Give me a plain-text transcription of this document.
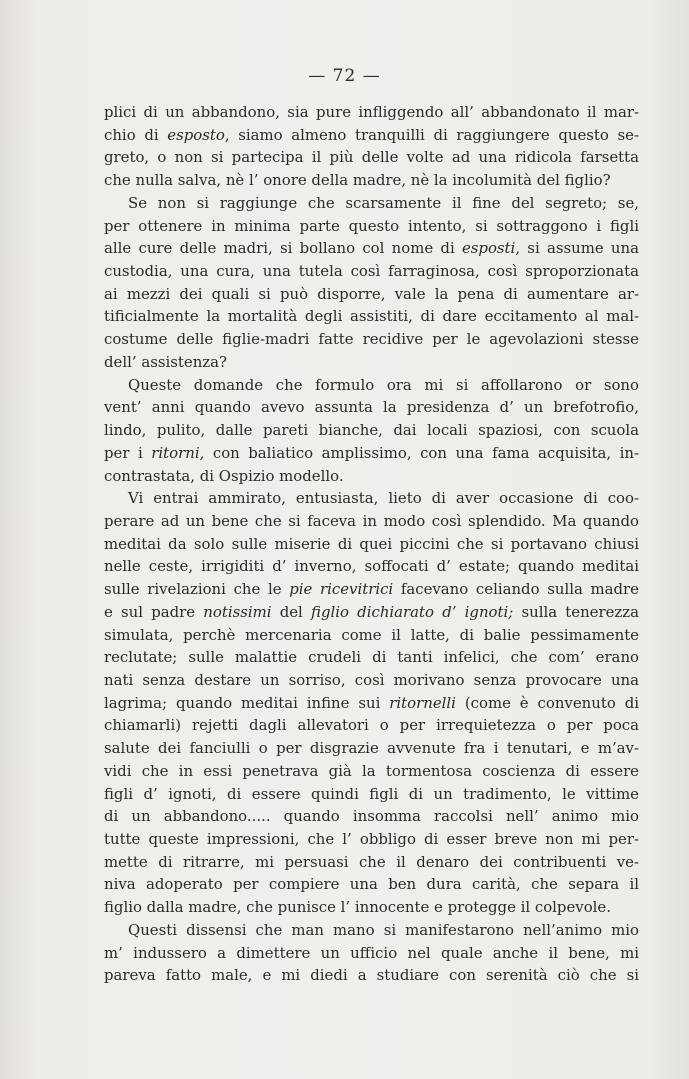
— 72 —
plici di un abbandono, sia pure infliggendo all’ abbandonato il mar-
chio di esposto, siamo almeno tranquilli di raggiungere questo se-
greto, o non si partecipa il più delle volte ad una ridicola farsetta
che nulla salva, nè l’ onore della madre, nè la incolumità del figlio?
Se non si raggiunge che scarsamente il fine del segreto; se,
per ottenere in minima parte questo intento, si sottraggono i figli
alle cure delle madri, si bollano col nome di esposti, si assume una
custodia, una cura, una tutela così farraginosa, così sproporzionata
ai mezzi dei quali si può disporre, vale la pena di aumentare ar-
tificialmente la mortalità degli assistiti, di dare eccitamento al mal-
costume delle figlie-madri fatte recidive per le agevolazioni stesse
dell’ assistenza?
Queste domande che formulo ora mi si affollarono or sono
vent’ anni quando avevo assunta la presidenza d’ un brefotrofio,
lindo, pulito, dalle pareti bianche, dai locali spaziosi, con scuola
per i ritorni, con baliatico amplissimo, con una fama acquisita, in-
contrastata, di Ospizio modello.
Vi entrai ammirato, entusiasta, lieto di aver occasione di coo-
perare ad un bene che si faceva in modo così splendido. Ma quando
meditai da solo sulle miserie di quei piccini che si portavano chiusi
nelle ceste, irrigiditi d’ inverno, soffocati d’ estate; quando meditai
sulle rivelazioni che le pie ricevitrici facevano celiando sulla madre
e sul padre notissimi del figlio dichiarato d’ ignoti; sulla tenerezza
simulata, perchè mercenaria come il latte, di balie pessimamente
reclutate; sulle malattie crudeli di tanti infelici, che com’ erano
nati senza destare un sorriso, così morivano senza provocare una
lagrima; quando meditai infine sui ritornelli (come è convenuto di
chiamarli) rejetti dagli allevatori o per irrequietezza o per poca
salute dei fanciulli o per disgrazie avvenute fra i tenutari, e m’av-
vidi che in essi penetrava già la tormentosa coscienza di essere
figli d’ ignoti, di essere quindi figli di un tradimento, le vittime
di un abbandono..... quando insomma raccolsi nell’ animo mio
tutte queste impressioni, che l’ obbligo di esser breve non mi per-
mette di ritrarre, mi persuasi che il denaro dei contribuenti ve-
niva adoperato per compiere una ben dura carità, che separa il
figlio dalla madre, che punisce l’ innocente e protegge il colpevole.
Questi dissensi che man mano si manifestarono nell’animo mio
m’ indussero a dimettere un ufficio nel quale anche il bene, mi
pareva fatto male, e mi diedi a studiare con serenità ciò che si
